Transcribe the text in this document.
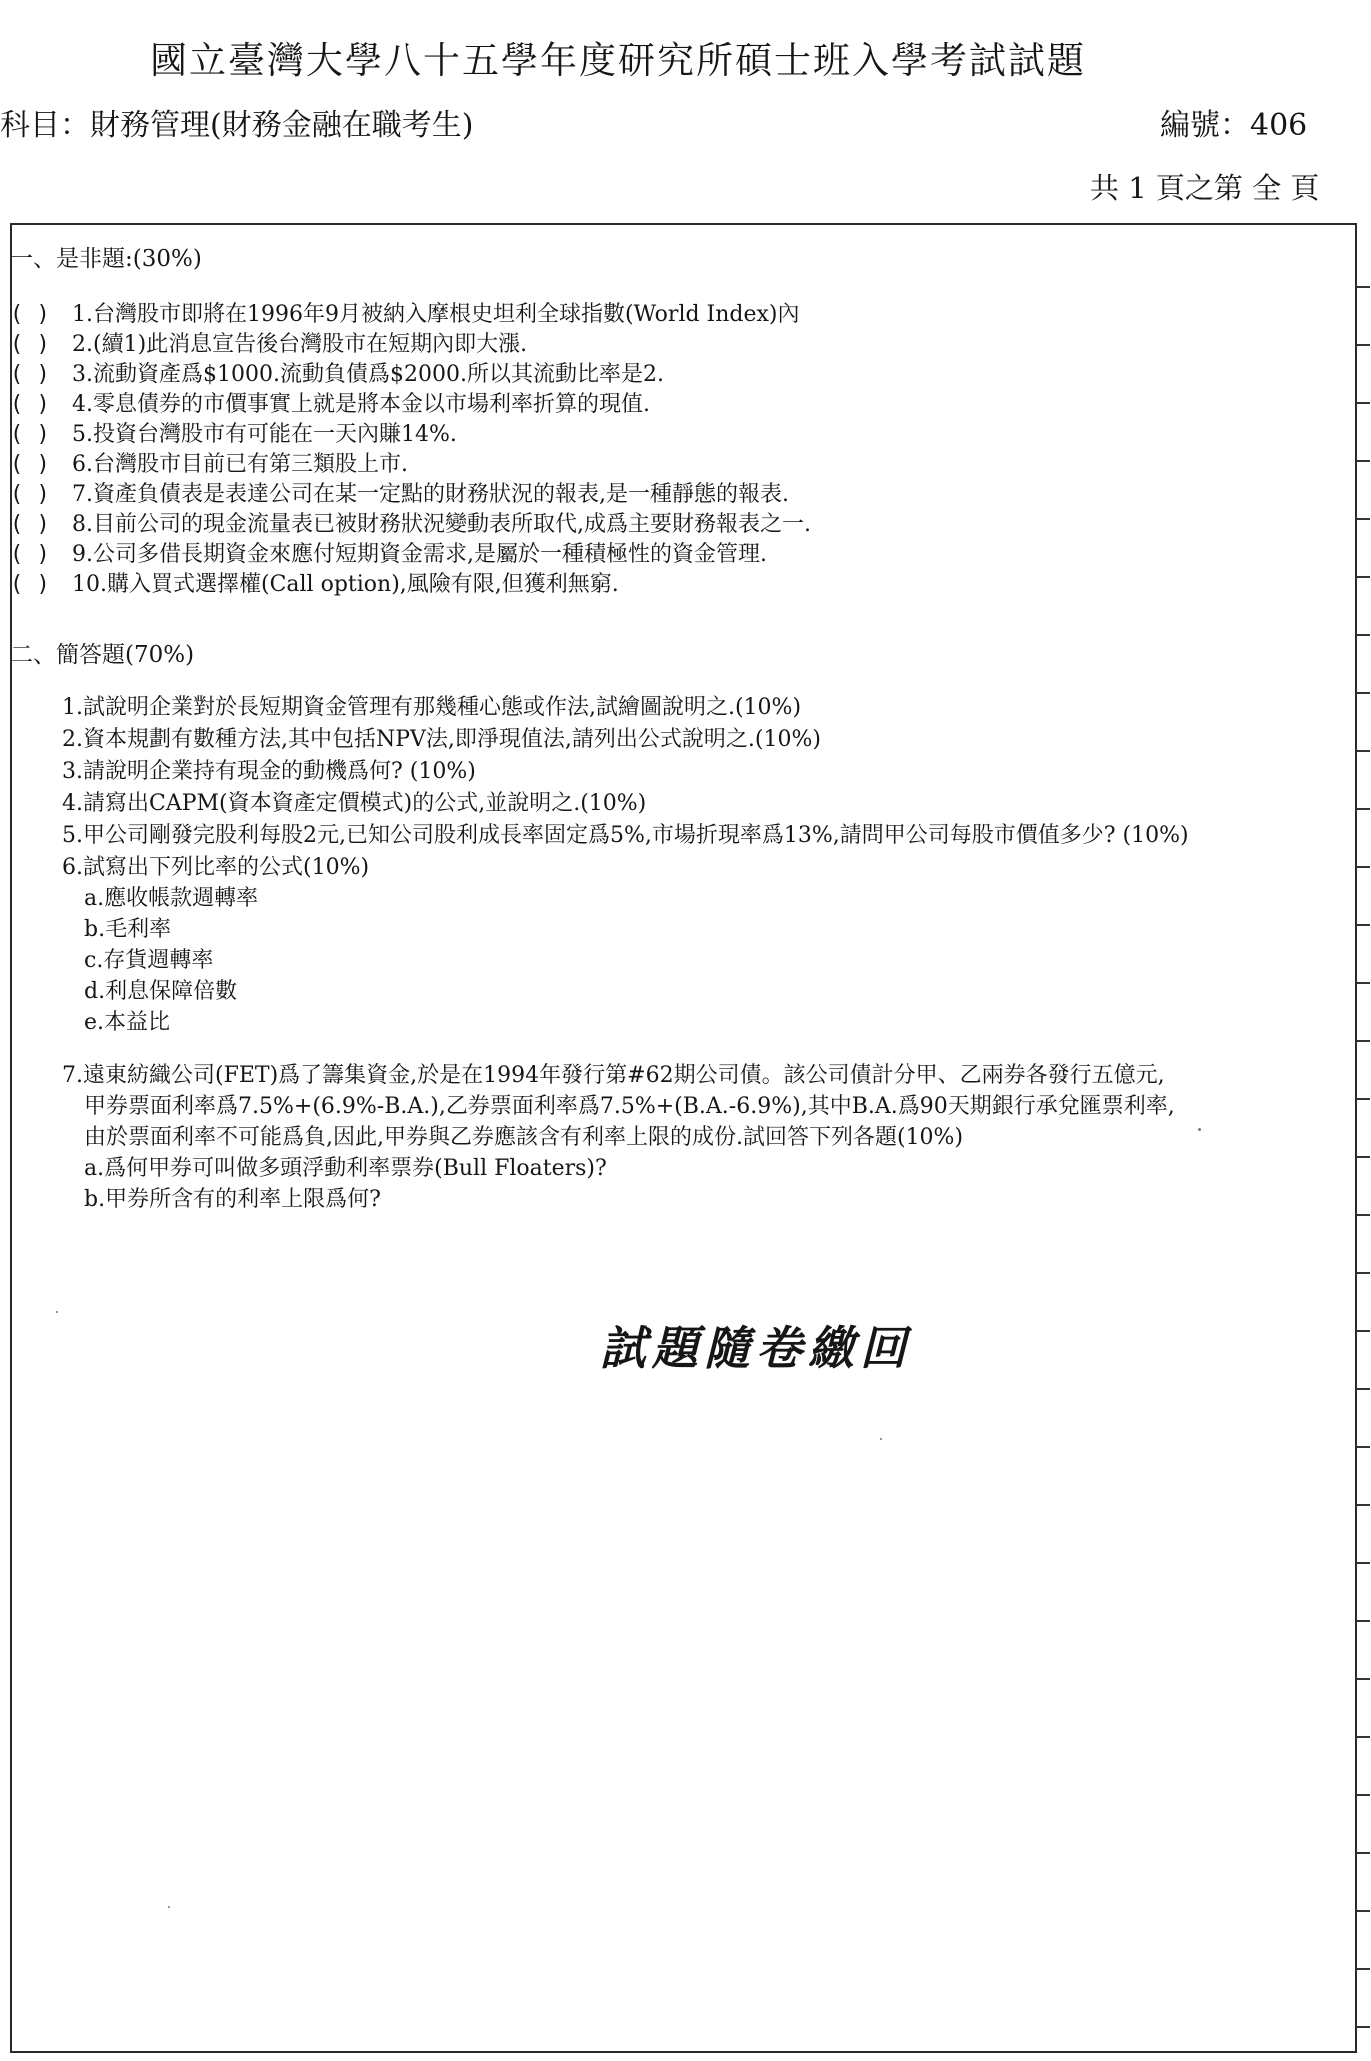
國立臺灣大學八十五學年度研究所碩士班入學考試試題
科目：財務管理(財務金融在職考生)	編號：406
共 1 頁之第 全 頁
一、是非題:(30%)
( ) 1.台灣股市即將在1996年9月被納入摩根史坦利全球指數(World Index)內
( ) 2.(續1)此消息宣告後台灣股市在短期內即大漲.
( ) 3.流動資產爲$1000.流動負債爲$2000.所以其流動比率是2.
( ) 4.零息債券的市價事實上就是將本金以市場利率折算的現值.
( ) 5.投資台灣股市有可能在一天內賺14%.
( ) 6.台灣股市目前已有第三類股上市.
( ) 7.資產負債表是表達公司在某一定點的財務狀況的報表,是一種靜態的報表.
( ) 8.目前公司的現金流量表已被財務狀況變動表所取代,成爲主要財務報表之一.
( ) 9.公司多借長期資金來應付短期資金需求,是屬於一種積極性的資金管理.
( ) 10.購入買式選擇權(Call option),風險有限,但獲利無窮.
二、簡答題(70%)
1.試說明企業對於長短期資金管理有那幾種心態或作法,試繪圖說明之.(10%)
2.資本規劃有數種方法,其中包括NPV法,即淨現值法,請列出公式說明之.(10%)
3.請說明企業持有現金的動機爲何? (10%)
4.請寫出CAPM(資本資產定價模式)的公式,並說明之.(10%)
5.甲公司剛發完股利每股2元,已知公司股利成長率固定爲5%,市場折現率爲13%,請問甲公司每股市價值多少? (10%)
6.試寫出下列比率的公式(10%)
a.應收帳款週轉率
b.毛利率
c.存貨週轉率
d.利息保障倍數
e.本益比
7.遠東紡織公司(FET)爲了籌集資金,於是在1994年發行第#62期公司債。該公司債計分甲、乙兩券各發行五億元,
甲券票面利率爲7.5%+(6.9%-B.A.),乙券票面利率爲7.5%+(B.A.-6.9%),其中B.A.爲90天期銀行承兌匯票利率,
由於票面利率不可能爲負,因此,甲券與乙券應該含有利率上限的成份.試回答下列各題(10%)
a.爲何甲券可叫做多頭浮動利率票券(Bull Floaters)?
b.甲券所含有的利率上限爲何?
試題隨卷繳回
